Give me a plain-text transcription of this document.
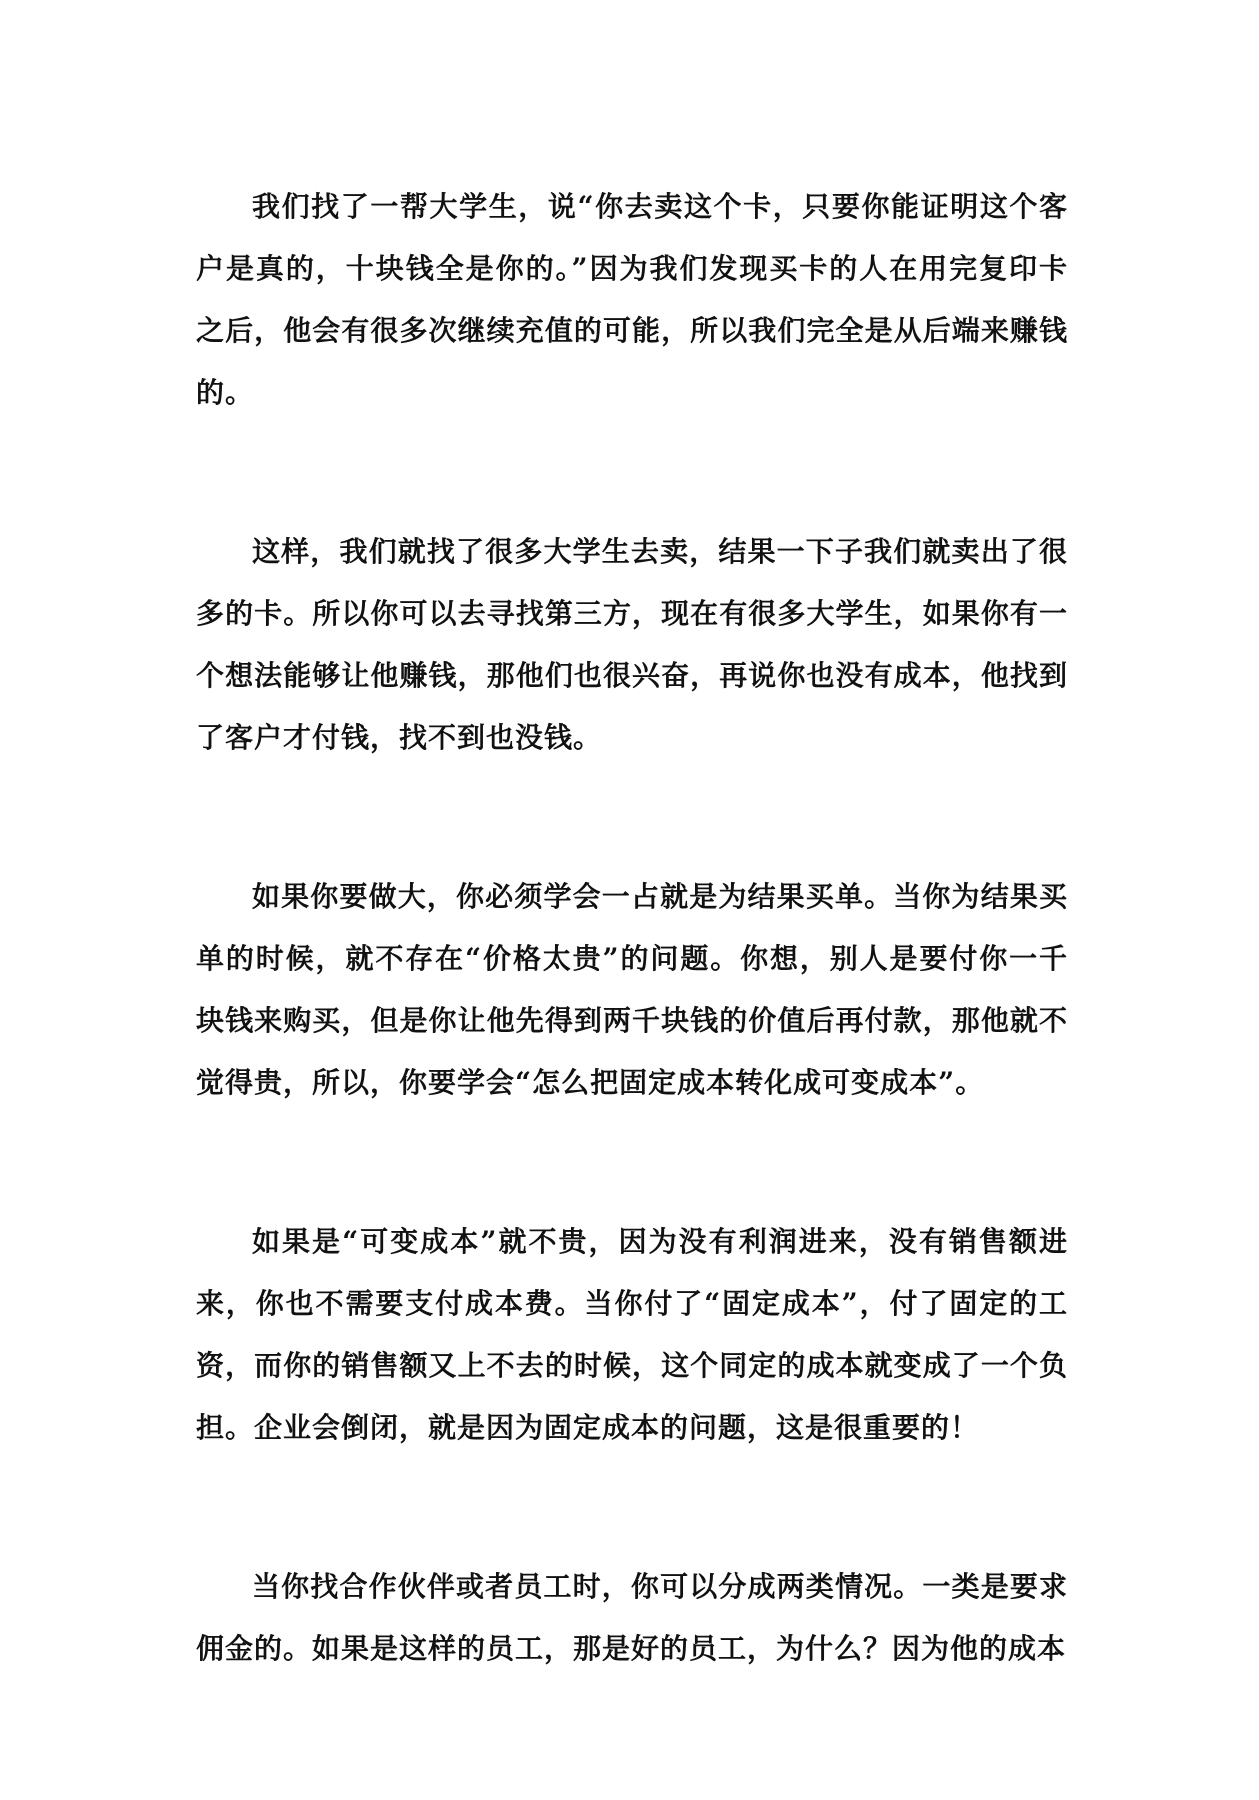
我们找了一帮大学生，说“你去卖这个卡，只要你能证明这个客户是真的，十块钱全是你的。”因为我们发现买卡的人在用完复印卡之后，他会有很多次继续充值的可能，所以我们完全是从后端来赚钱的。

这样，我们就找了很多大学生去卖，结果一下子我们就卖出了很多的卡。所以你可以去寻找第三方，现在有很多大学生，如果你有一个想法能够让他赚钱，那他们也很兴奋，再说你也没有成本，他找到了客户才付钱，找不到也没钱。

如果你要做大，你必须学会一占就是为结果买单。当你为结果买单的时候，就不存在“价格太贵”的问题。你想，别人是要付你一千块钱来购买，但是你让他先得到两千块钱的价值后再付款，那他就不觉得贵，所以，你要学会“怎么把固定成本转化成可变成本”。

如果是“可变成本”就不贵，因为没有利润进来，没有销售额进来，你也不需要支付成本费。当你付了“固定成本”，付了固定的工资，而你的销售额又上不去的时候，这个同定的成本就变成了一个负担。企业会倒闭，就是因为固定成本的问题，这是很重要的！

当你找合作伙伴或者员工时，你可以分成两类情况。一类是要求佣金的。如果是这样的员工，那是好的员工，为什么？因为他的成本
